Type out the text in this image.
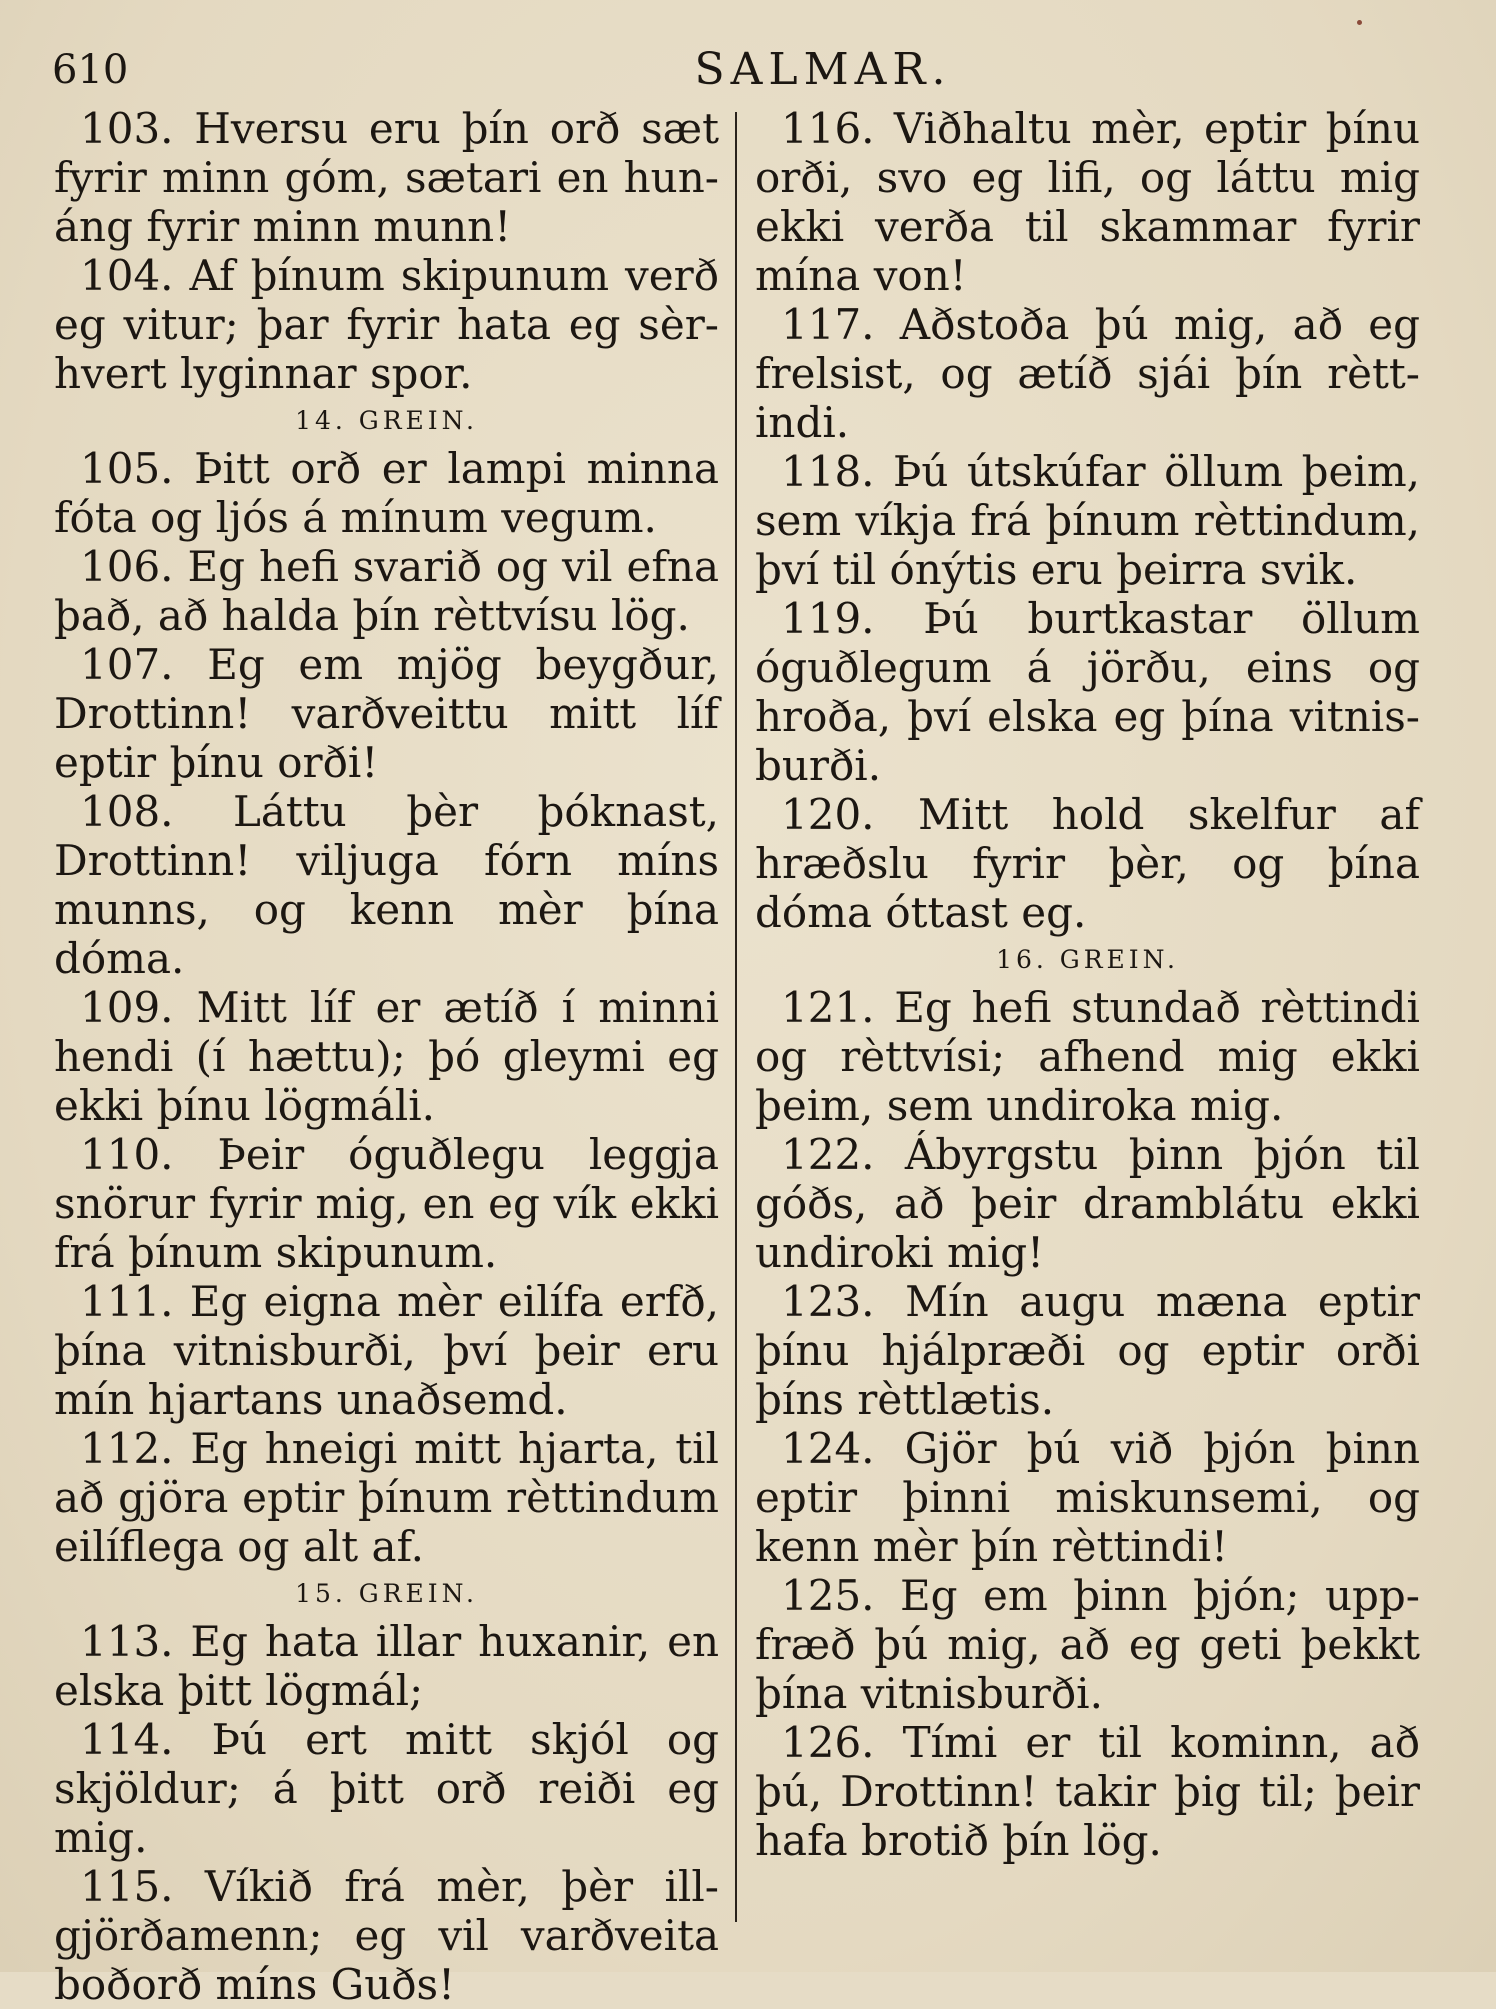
610	SALMAR.

103. Hversu eru þín orð sæt fyrir minn góm, sætari en hunáng fyrir minn munn!

104. Af þínum skipunum verð eg vitur; þar fyrir hata eg sèrhvert lyginnar spor.

14. GREIN.

105. Þitt orð er lampi minna fóta og ljós á mínum vegum.

106. Eg hefi svarið og vil efna það, að halda þín rèttvísu lög.

107. Eg em mjög beygður, Drottinn! varðveittu mitt líf eptir þínu orði!

108. Láttu þèr þóknast, Drottinn! viljuga fórn míns munns, og kenn mèr þína dóma.

109. Mitt líf er ætíð í minni hendi (í hættu); þó gleymi eg ekki þínu lögmáli.

110. Þeir óguðlegu leggja snörur fyrir mig, en eg vík ekki frá þínum skipunum.

111. Eg eigna mèr eilífa erfð, þína vitnisburði, því þeir eru mín hjartans unaðsemd.

112. Eg hneigi mitt hjarta, til að gjöra eptir þínum rèttindum eilíflega og alt af.

15. GREIN.

113. Eg hata illar huxanir, en elska þitt lögmál;

114. Þú ert mitt skjól og skjöldur; á þitt orð reiði eg mig.

115. Víkið frá mèr, þèr illgjörðamenn; eg vil varðveita boðorð míns Guðs!

116. Viðhaltu mèr, eptir þínu orði, svo eg lifi, og láttu mig ekki verða til skammar fyrir mína von!

117. Aðstoða þú mig, að eg frelsist, og ætíð sjái þín rèttindi.

118. Þú útskúfar öllum þeim, sem víkja frá þínum rèttindum, því til ónýtis eru þeirra svik.

119. Þú burtkastar öllum óguðlegum á jörðu, eins og hroða, því elska eg þína vitnisburði.

120. Mitt hold skelfur af hræðslu fyrir þèr, og þína dóma óttast eg.

16. GREIN.

121. Eg hefi stundað rèttindi og rèttvísi; afhend mig ekki þeim, sem undiroka mig.

122. Ábyrgstu þinn þjón til góðs, að þeir dramblátu ekki undiroki mig!

123. Mín augu mæna eptir þínu hjálpræði og eptir orði þíns rèttlætis.

124. Gjör þú við þjón þinn eptir þinni miskunsemi, og kenn mèr þín rèttindi!

125. Eg em þinn þjón; uppfræð þú mig, að eg geti þekkt þína vitnisburði.

126. Tími er til kominn, að þú, Drottinn! takir þig til; þeir hafa brotið þín lög.
